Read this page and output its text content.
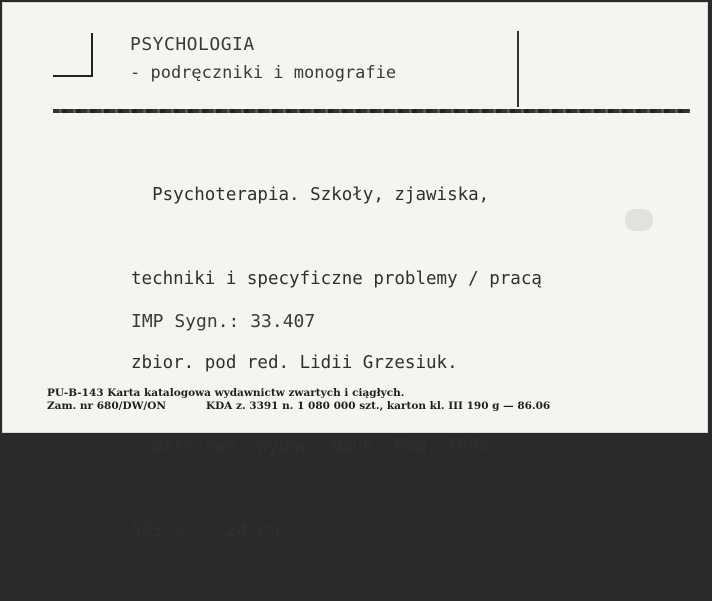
PSYCHOLOGIA
- podręczniki i monografie

Psychoterapia. Szkoły, zjawiska,

techniki i specyficzne problemy / pracą

zbior. pod red. Lidii Grzesiuk.

Warszawa: Wydaw. Nauk. PWN, 1994. -

503 s. ; 24 cm

IMP Sygn.: 33.407
PU-B-143 Karta katalogowa wydawnictw zwartych i ciągłych.
Zam. nr 680/DW/ON	KDA z. 3391 n. 1 080 000 szt., karton kl. III 190 g — 86.06
